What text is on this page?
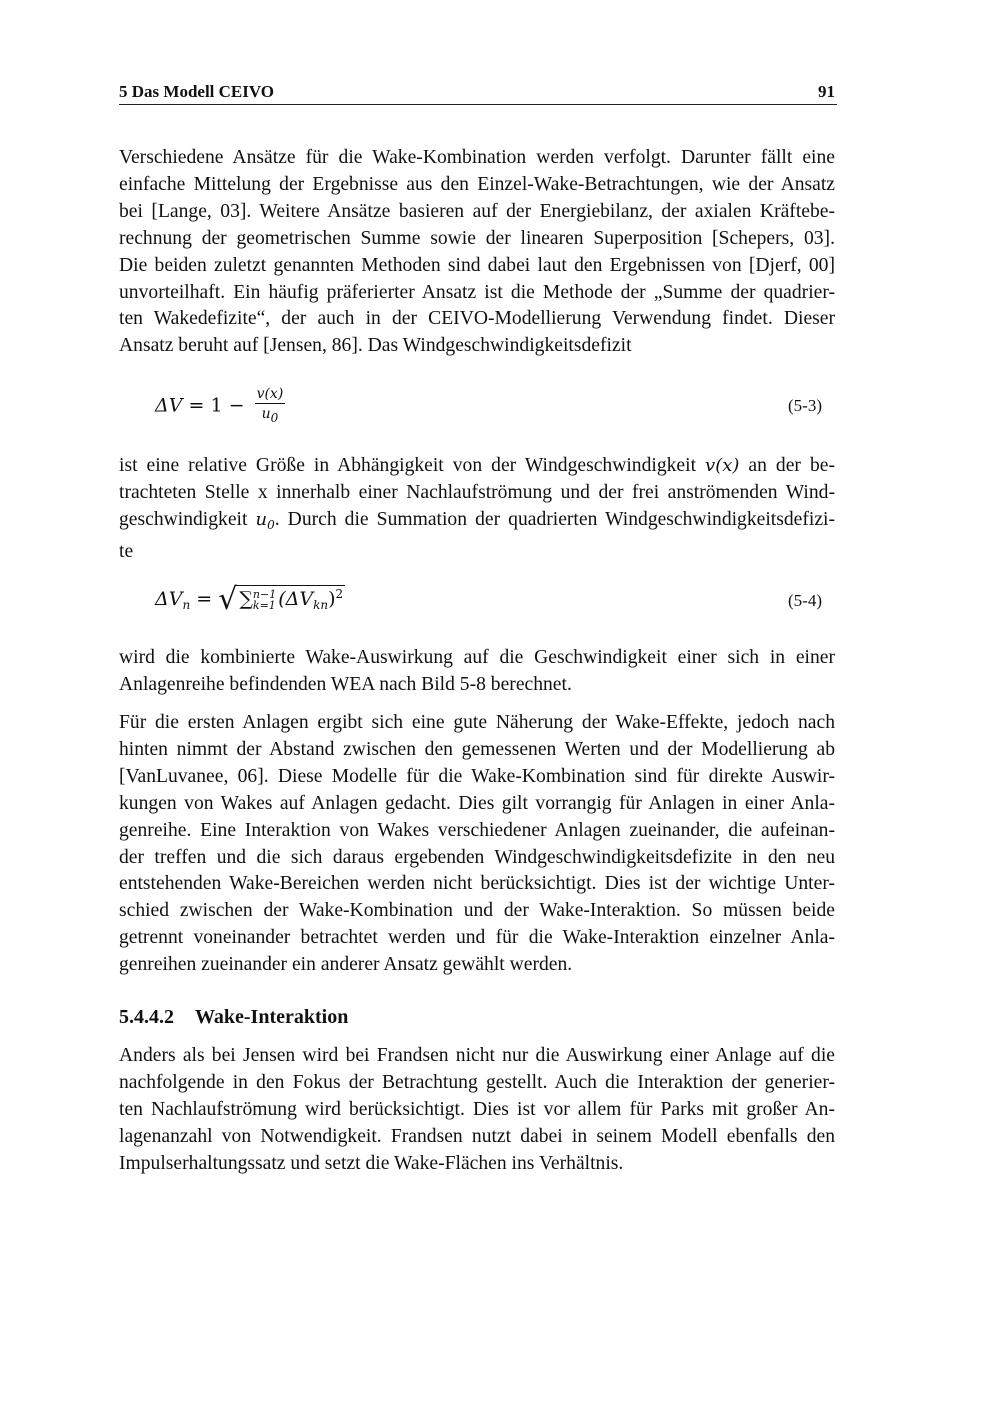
5 Das Modell CEIVO	91

Verschiedene Ansätze für die Wake-Kombination werden verfolgt. Darunter fällt eine
einfache Mittelung der Ergebnisse aus den Einzel-Wake-Betrachtungen, wie der Ansatz
bei [Lange, 03]. Weitere Ansätze basieren auf der Energiebilanz, der axialen Kräftebe-
rechnung der geometrischen Summe sowie der linearen Superposition [Schepers, 03].
Die beiden zuletzt genannten Methoden sind dabei laut den Ergebnissen von [Djerf, 00]
unvorteilhaft. Ein häufig präferierter Ansatz ist die Methode der „Summe der quadrier-
ten Wakedefizite“, der auch in der CEIVO-Modellierung Verwendung findet. Dieser
Ansatz beruht auf [Jensen, 86]. Das Windgeschwindigkeitsdefizit

$\Delta V = 1 - \frac{v(x)}{u0}$	(5-3)

ist eine relative Größe in Abhängigkeit von der Windgeschwindigkeit v(x) an der be-
trachteten Stelle x innerhalb einer Nachlaufströmung und der frei anströmenden Wind-
geschwindigkeit $u_0$. Durch die Summation der quadrierten Windgeschwindigkeitsdefizi-
te

$\Delta V_n$ = √ ∑ n−1
k=1 $(\Delta V_{kn})^2$	(5-4)

wird die kombinierte Wake-Auswirkung auf die Geschwindigkeit einer sich in einer
Anlagenreihe befindenden WEA nach Bild 5-8 berechnet.

Für die ersten Anlagen ergibt sich eine gute Näherung der Wake-Effekte, jedoch nach
hinten nimmt der Abstand zwischen den gemessenen Werten und der Modellierung ab
[VanLuvanee, 06]. Diese Modelle für die Wake-Kombination sind für direkte Auswir-
kungen von Wakes auf Anlagen gedacht. Dies gilt vorrangig für Anlagen in einer Anla-
genreihe. Eine Interaktion von Wakes verschiedener Anlagen zueinander, die aufeinan-
der treffen und die sich daraus ergebenden Windgeschwindigkeitsdefizite in den neu
entstehenden Wake-Bereichen werden nicht berücksichtigt. Dies ist der wichtige Unter-
schied zwischen der Wake-Kombination und der Wake-Interaktion. So müssen beide
getrennt voneinander betrachtet werden und für die Wake-Interaktion einzelner Anla-
genreihen zueinander ein anderer Ansatz gewählt werden.

5.4.4.2 Wake-Interaktion

Anders als bei Jensen wird bei Frandsen nicht nur die Auswirkung einer Anlage auf die
nachfolgende in den Fokus der Betrachtung gestellt. Auch die Interaktion der generier-
ten Nachlaufströmung wird berücksichtigt. Dies ist vor allem für Parks mit großer An-
lagenanzahl von Notwendigkeit. Frandsen nutzt dabei in seinem Modell ebenfalls den
Impulserhaltungssatz und setzt die Wake-Flächen ins Verhältnis.
